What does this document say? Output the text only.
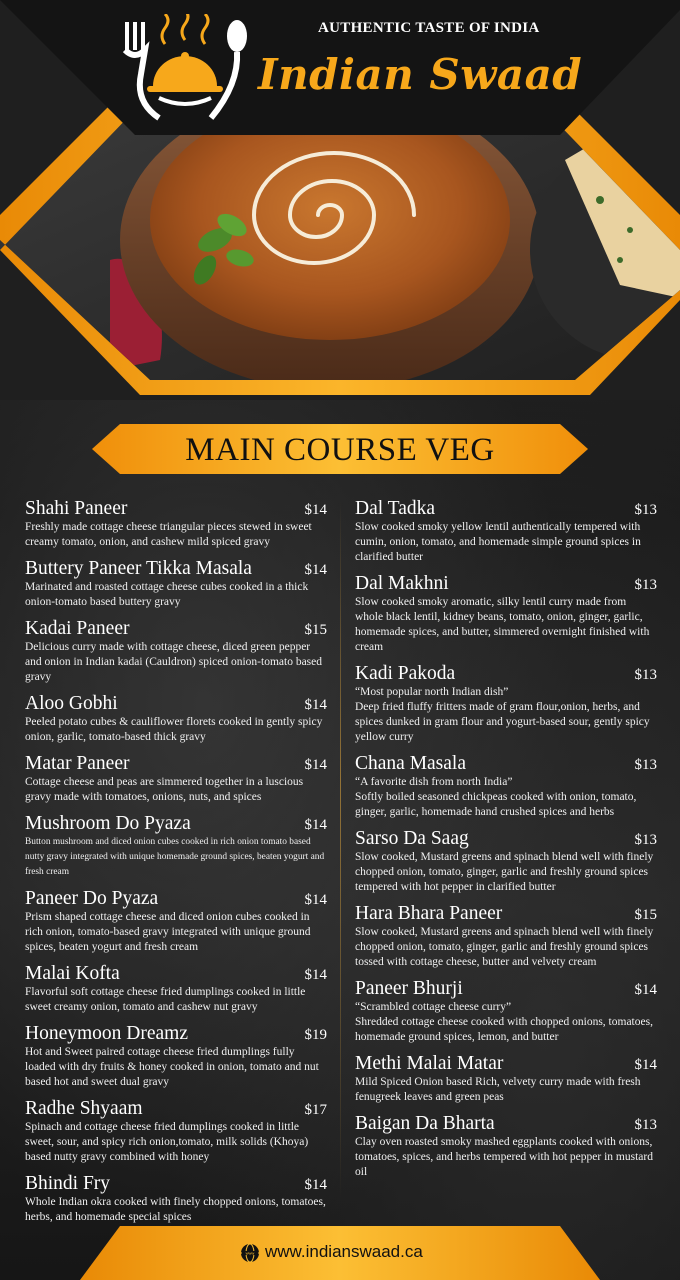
AUTHENTIC TASTE OF INDIA
Indian Swaad
MAIN COURSE VEG
Shahi Paneer	$14
Freshly made cottage cheese triangular pieces stewed in sweet creamy tomato, onion, and cashew mild spiced gravy
Buttery Paneer Tikka Masala	$14
Marinated and roasted cottage cheese cubes cooked in a thick onion-tomato based buttery gravy
Kadai Paneer	$15
Delicious curry made with cottage cheese, diced green pepper and onion in Indian kadai (Cauldron) spiced onion-tomato based gravy
Aloo Gobhi	$14
Peeled potato cubes & cauliflower florets cooked in gently spicy onion, garlic, tomato-based thick gravy
Matar Paneer	$14
Cottage cheese and peas are simmered together in a luscious gravy made with tomatoes, onions, nuts, and spices
Mushroom Do Pyaza	$14
Button mushroom and diced onion cubes cooked in rich onion tomato based nutty gravy integrated with unique homemade ground spices, beaten yogurt and fresh cream
Paneer Do Pyaza	$14
Prism shaped cottage cheese and diced onion cubes cooked in rich onion, tomato-based gravy integrated with unique ground spices, beaten yogurt and fresh cream
Malai Kofta	$14
Flavorful soft cottage cheese fried dumplings cooked in little sweet creamy onion, tomato and cashew nut gravy
Honeymoon Dreamz	$19
Hot and Sweet paired cottage cheese fried dumplings fully loaded with dry fruits & honey cooked in onion, tomato and nut based hot and sweet dual gravy
Radhe Shyaam	$17
Spinach and cottage cheese fried dumplings cooked in little sweet, sour, and spicy rich onion,tomato, milk solids (Khoya) based nutty gravy combined with honey
Bhindi Fry	$14
Whole Indian okra cooked with finely chopped onions, tomatoes, herbs, and homemade special spices
Dal Tadka	$13
Slow cooked smoky yellow lentil authentically tempered with cumin, onion, tomato, and homemade simple ground spices in clarified butter
Dal Makhni	$13
Slow cooked smoky aromatic, silky lentil curry made from whole black lentil, kidney beans, tomato, onion, ginger, garlic, homemade spices, and butter, simmered overnight finished with cream
Kadi Pakoda	$13
“Most popular north Indian dish”
Deep fried fluffy fritters made of gram flour,onion, herbs, and spices dunked in gram flour and yogurt-based sour, gently spicy yellow curry
Chana Masala	$13
“A favorite dish from north India”
Softly boiled seasoned chickpeas cooked with onion, tomato, ginger, garlic, homemade hand crushed spices and herbs
Sarso Da Saag	$13
Slow cooked, Mustard greens and spinach blend well with finely chopped onion, tomato, ginger, garlic and freshly ground spices tempered with hot pepper in clarified butter
Hara Bhara Paneer	$15
Slow cooked, Mustard greens and spinach blend well with finely chopped onion, tomato, ginger, garlic and freshly ground spices tossed with cottage cheese, butter and velvety cream
Paneer Bhurji	$14
“Scrambled cottage cheese curry”
Shredded cottage cheese cooked with chopped onions, tomatoes, homemade ground spices, lemon, and butter
Methi Malai Matar	$14
Mild Spiced Onion based Rich, velvety curry made with fresh fenugreek leaves and green peas
Baigan Da Bharta	$13
Clay oven roasted smoky mashed eggplants cooked with onions, tomatoes, spices, and herbs tempered with hot pepper in mustard oil
www www.indianswaad.ca
